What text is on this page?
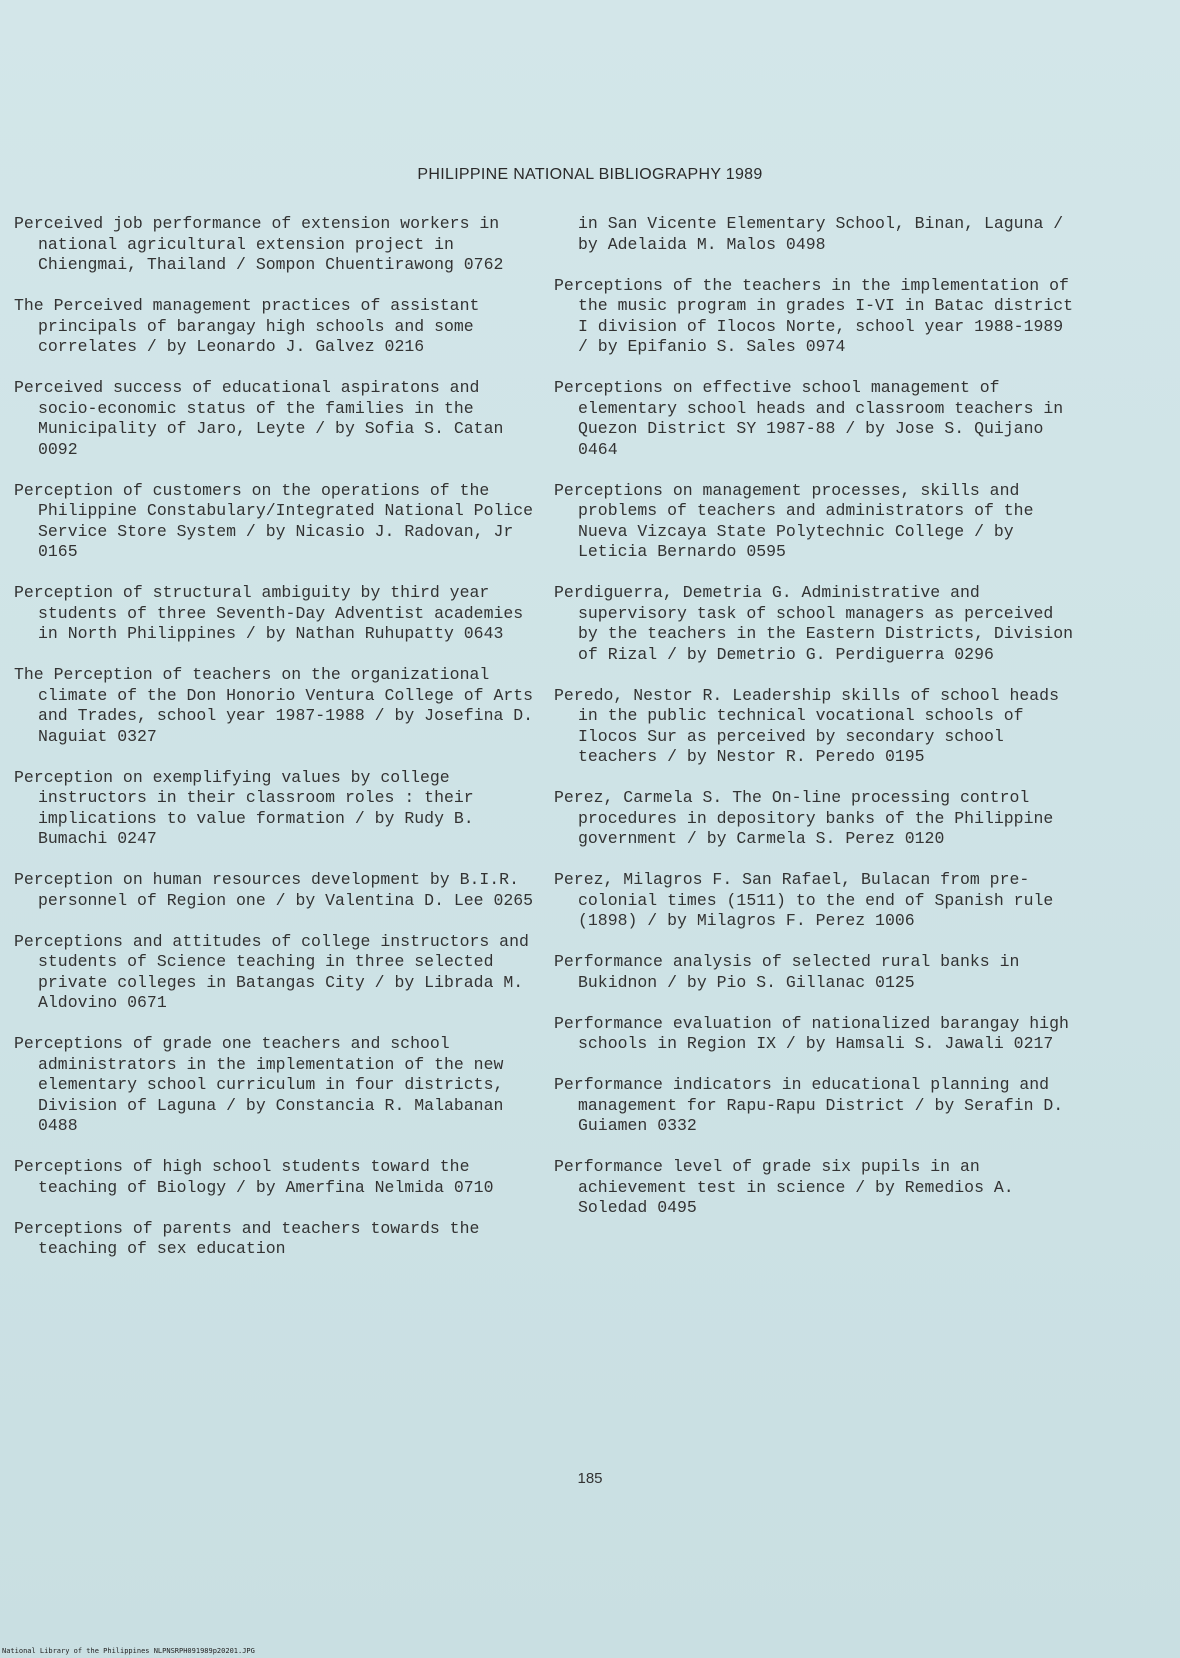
PHILIPPINE NATIONAL BIBLIOGRAPHY 1989
Perceived job performance of extension workers in national agricultural extension project in Chiengmai, Thailand / Sompon Chuentirawong 0762
The Perceived management practices of assistant principals of barangay high schools and some correlates / by Leonardo J. Galvez 0216
Perceived success of educational aspiratons and socio-economic status of the families in the Municipality of Jaro, Leyte / by Sofia S. Catan 0092
Perception of customers on the operations of the Philippine Constabulary/Integrated National Police Service Store System / by Nicasio J. Radovan, Jr 0165
Perception of structural ambiguity by third year students of three Seventh-Day Adventist academies in North Philippines / by Nathan Ruhupatty 0643
The Perception of teachers on the organizational climate of the Don Honorio Ventura College of Arts and Trades, school year 1987-1988 / by Josefina D. Naguiat 0327
Perception on exemplifying values by college instructors in their classroom roles : their implications to value formation / by Rudy B. Bumachi 0247
Perception on human resources development by B.I.R. personnel of Region one / by Valentina D. Lee 0265
Perceptions and attitudes of college instructors and students of Science teaching in three selected private colleges in Batangas City / by Librada M. Aldovino 0671
Perceptions of grade one teachers and school administrators in the implementation of the new elementary school curriculum in four districts, Division of Laguna / by Constancia R. Malabanan 0488
Perceptions of high school students toward the teaching of Biology / by Amerfina Nelmida 0710
Perceptions of parents and teachers towards the teaching of sex education
in San Vicente Elementary School, Binan, Laguna / by Adelaida M. Malos 0498
Perceptions of the teachers in the implementation of the music program in grades I-VI in Batac district I division of Ilocos Norte, school year 1988-1989 / by Epifanio S. Sales 0974
Perceptions on effective school management of elementary school heads and classroom teachers in Quezon District SY 1987-88 / by Jose S. Quijano 0464
Perceptions on management processes, skills and problems of teachers and administrators of the Nueva Vizcaya State Polytechnic College / by Leticia Bernardo 0595
Perdiguerra, Demetria G. Administrative and supervisory task of school managers as perceived by the teachers in the Eastern Districts, Division of Rizal / by Demetrio G. Perdiguerra 0296
Peredo, Nestor R. Leadership skills of school heads in the public technical vocational schools of Ilocos Sur as perceived by secondary school teachers / by Nestor R. Peredo 0195
Perez, Carmela S. The On-line processing control procedures in depository banks of the Philippine government / by Carmela S. Perez 0120
Perez, Milagros F. San Rafael, Bulacan from pre-colonial times (1511) to the end of Spanish rule (1898) / by Milagros F. Perez 1006
Performance analysis of selected rural banks in Bukidnon / by Pio S. Gillanac 0125
Performance evaluation of nationalized barangay high schools in Region IX / by Hamsali S. Jawali 0217
Performance indicators in educational planning and management for Rapu-Rapu District / by Serafin D. Guiamen 0332
Performance level of grade six pupils in an achievement test in science / by Remedios A. Soledad 0495
185
National Library of the Philippines NLPNSRPH091989p20201.JPG
